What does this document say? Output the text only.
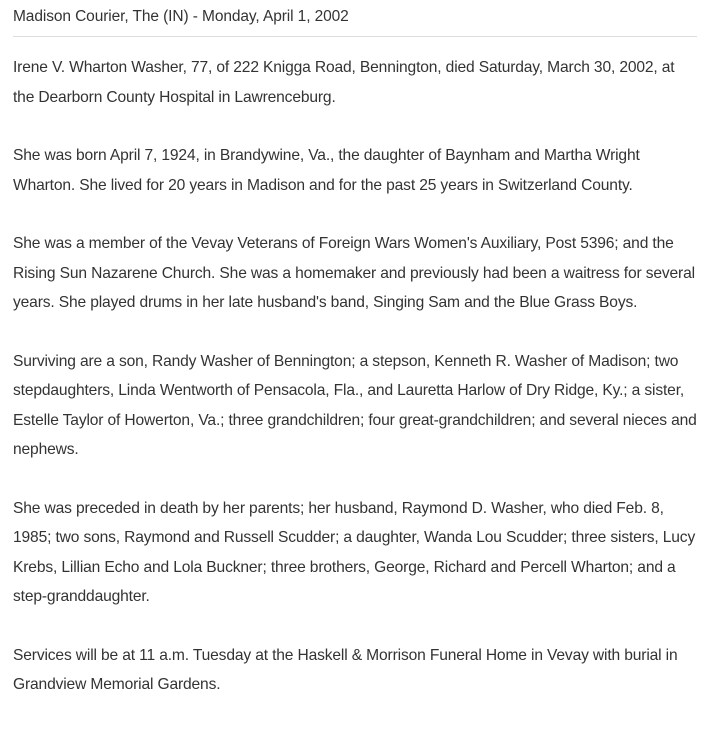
Madison Courier, The (IN) - Monday, April 1, 2002

Irene V. Wharton Washer, 77, of 222 Knigga Road, Bennington, died Saturday, March 30, 2002, at the Dearborn County Hospital in Lawrenceburg.

She was born April 7, 1924, in Brandywine, Va., the daughter of Baynham and Martha Wright Wharton. She lived for 20 years in Madison and for the past 25 years in Switzerland County.

She was a member of the Vevay Veterans of Foreign Wars Women's Auxiliary, Post 5396; and the Rising Sun Nazarene Church. She was a homemaker and previously had been a waitress for several years. She played drums in her late husband's band, Singing Sam and the Blue Grass Boys.

Surviving are a son, Randy Washer of Bennington; a stepson, Kenneth R. Washer of Madison; two stepdaughters, Linda Wentworth of Pensacola, Fla., and Lauretta Harlow of Dry Ridge, Ky.; a sister, Estelle Taylor of Howerton, Va.; three grandchildren; four great-grandchildren; and several nieces and nephews.

She was preceded in death by her parents; her husband, Raymond D. Washer, who died Feb. 8, 1985; two sons, Raymond and Russell Scudder; a daughter, Wanda Lou Scudder; three sisters, Lucy Krebs, Lillian Echo and Lola Buckner; three brothers, George, Richard and Percell Wharton; and a step-granddaughter.

Services will be at 11 a.m. Tuesday at the Haskell & Morrison Funeral Home in Vevay with burial in Grandview Memorial Gardens.
